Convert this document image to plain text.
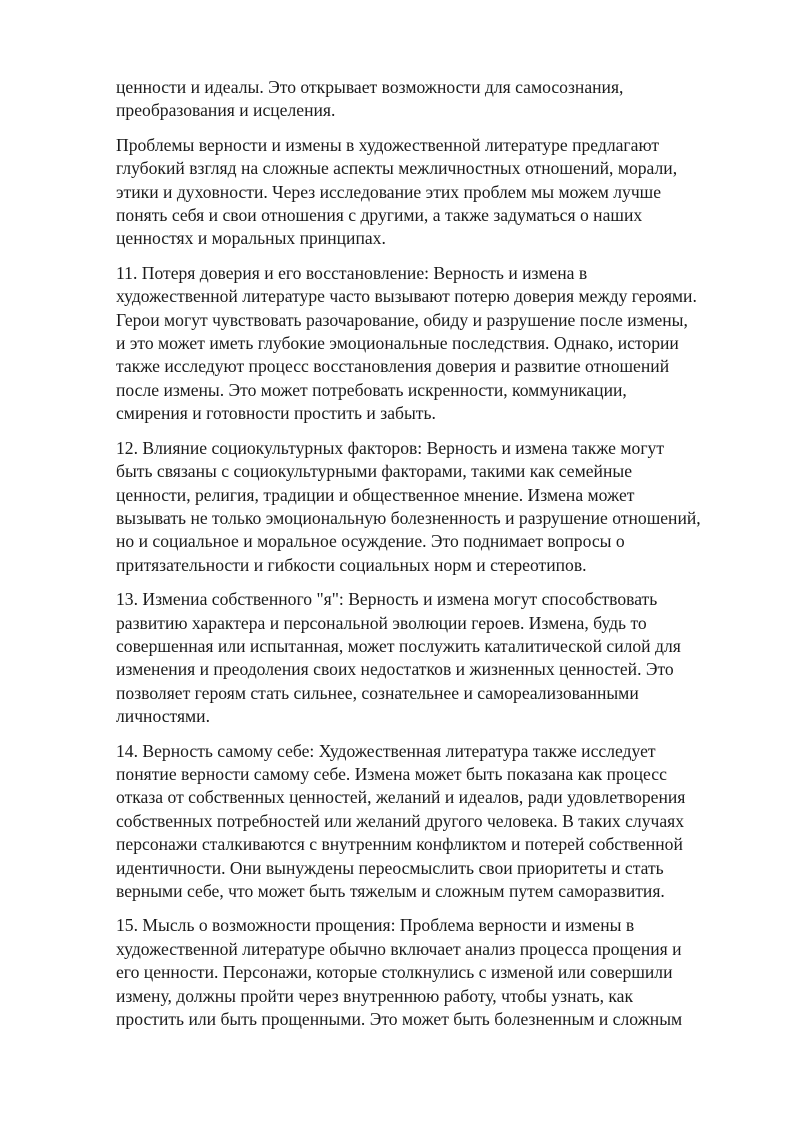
ценности и идеалы. Это открывает возможности для самосознания,
преобразования и исцеления.

Проблемы верности и измены в художественной литературе предлагают
глубокий взгляд на сложные аспекты межличностных отношений, морали,
этики и духовности. Через исследование этих проблем мы можем лучше
понять себя и свои отношения с другими, а также задуматься о наших
ценностях и моральных принципах.

11. Потеря доверия и его восстановление: Верность и измена в
художественной литературе часто вызывают потерю доверия между героями.
Герои могут чувствовать разочарование, обиду и разрушение после измены,
и это может иметь глубокие эмоциональные последствия. Однако, истории
также исследуют процесс восстановления доверия и развитие отношений
после измены. Это может потребовать искренности, коммуникации,
смирения и готовности простить и забыть.

12. Влияние социокультурных факторов: Верность и измена также могут
быть связаны с социокультурными факторами, такими как семейные
ценности, религия, традиции и общественное мнение. Измена может
вызывать не только эмоциональную болезненность и разрушение отношений,
но и социальное и моральное осуждение. Это поднимает вопросы о
притязательности и гибкости социальных норм и стереотипов.

13. Измениа собственного "я": Верность и измена могут способствовать
развитию характера и персональной эволюции героев. Измена, будь то
совершенная или испытанная, может послужить каталитической силой для
изменения и преодоления своих недостатков и жизненных ценностей. Это
позволяет героям стать сильнее, сознательнее и самореализованными
личностями.

14. Верность самому себе: Художественная литература также исследует
понятие верности самому себе. Измена может быть показана как процесс
отказа от собственных ценностей, желаний и идеалов, ради удовлетворения
собственных потребностей или желаний другого человека. В таких случаях
персонажи сталкиваются с внутренним конфликтом и потерей собственной
идентичности. Они вынуждены переосмыслить свои приоритеты и стать
верными себе, что может быть тяжелым и сложным путем саморазвития.

15. Мысль о возможности прощения: Проблема верности и измены в
художественной литературе обычно включает анализ процесса прощения и
его ценности. Персонажи, которые столкнулись с изменой или совершили
измену, должны пройти через внутреннюю работу, чтобы узнать, как
простить или быть прощенными. Это может быть болезненным и сложным
